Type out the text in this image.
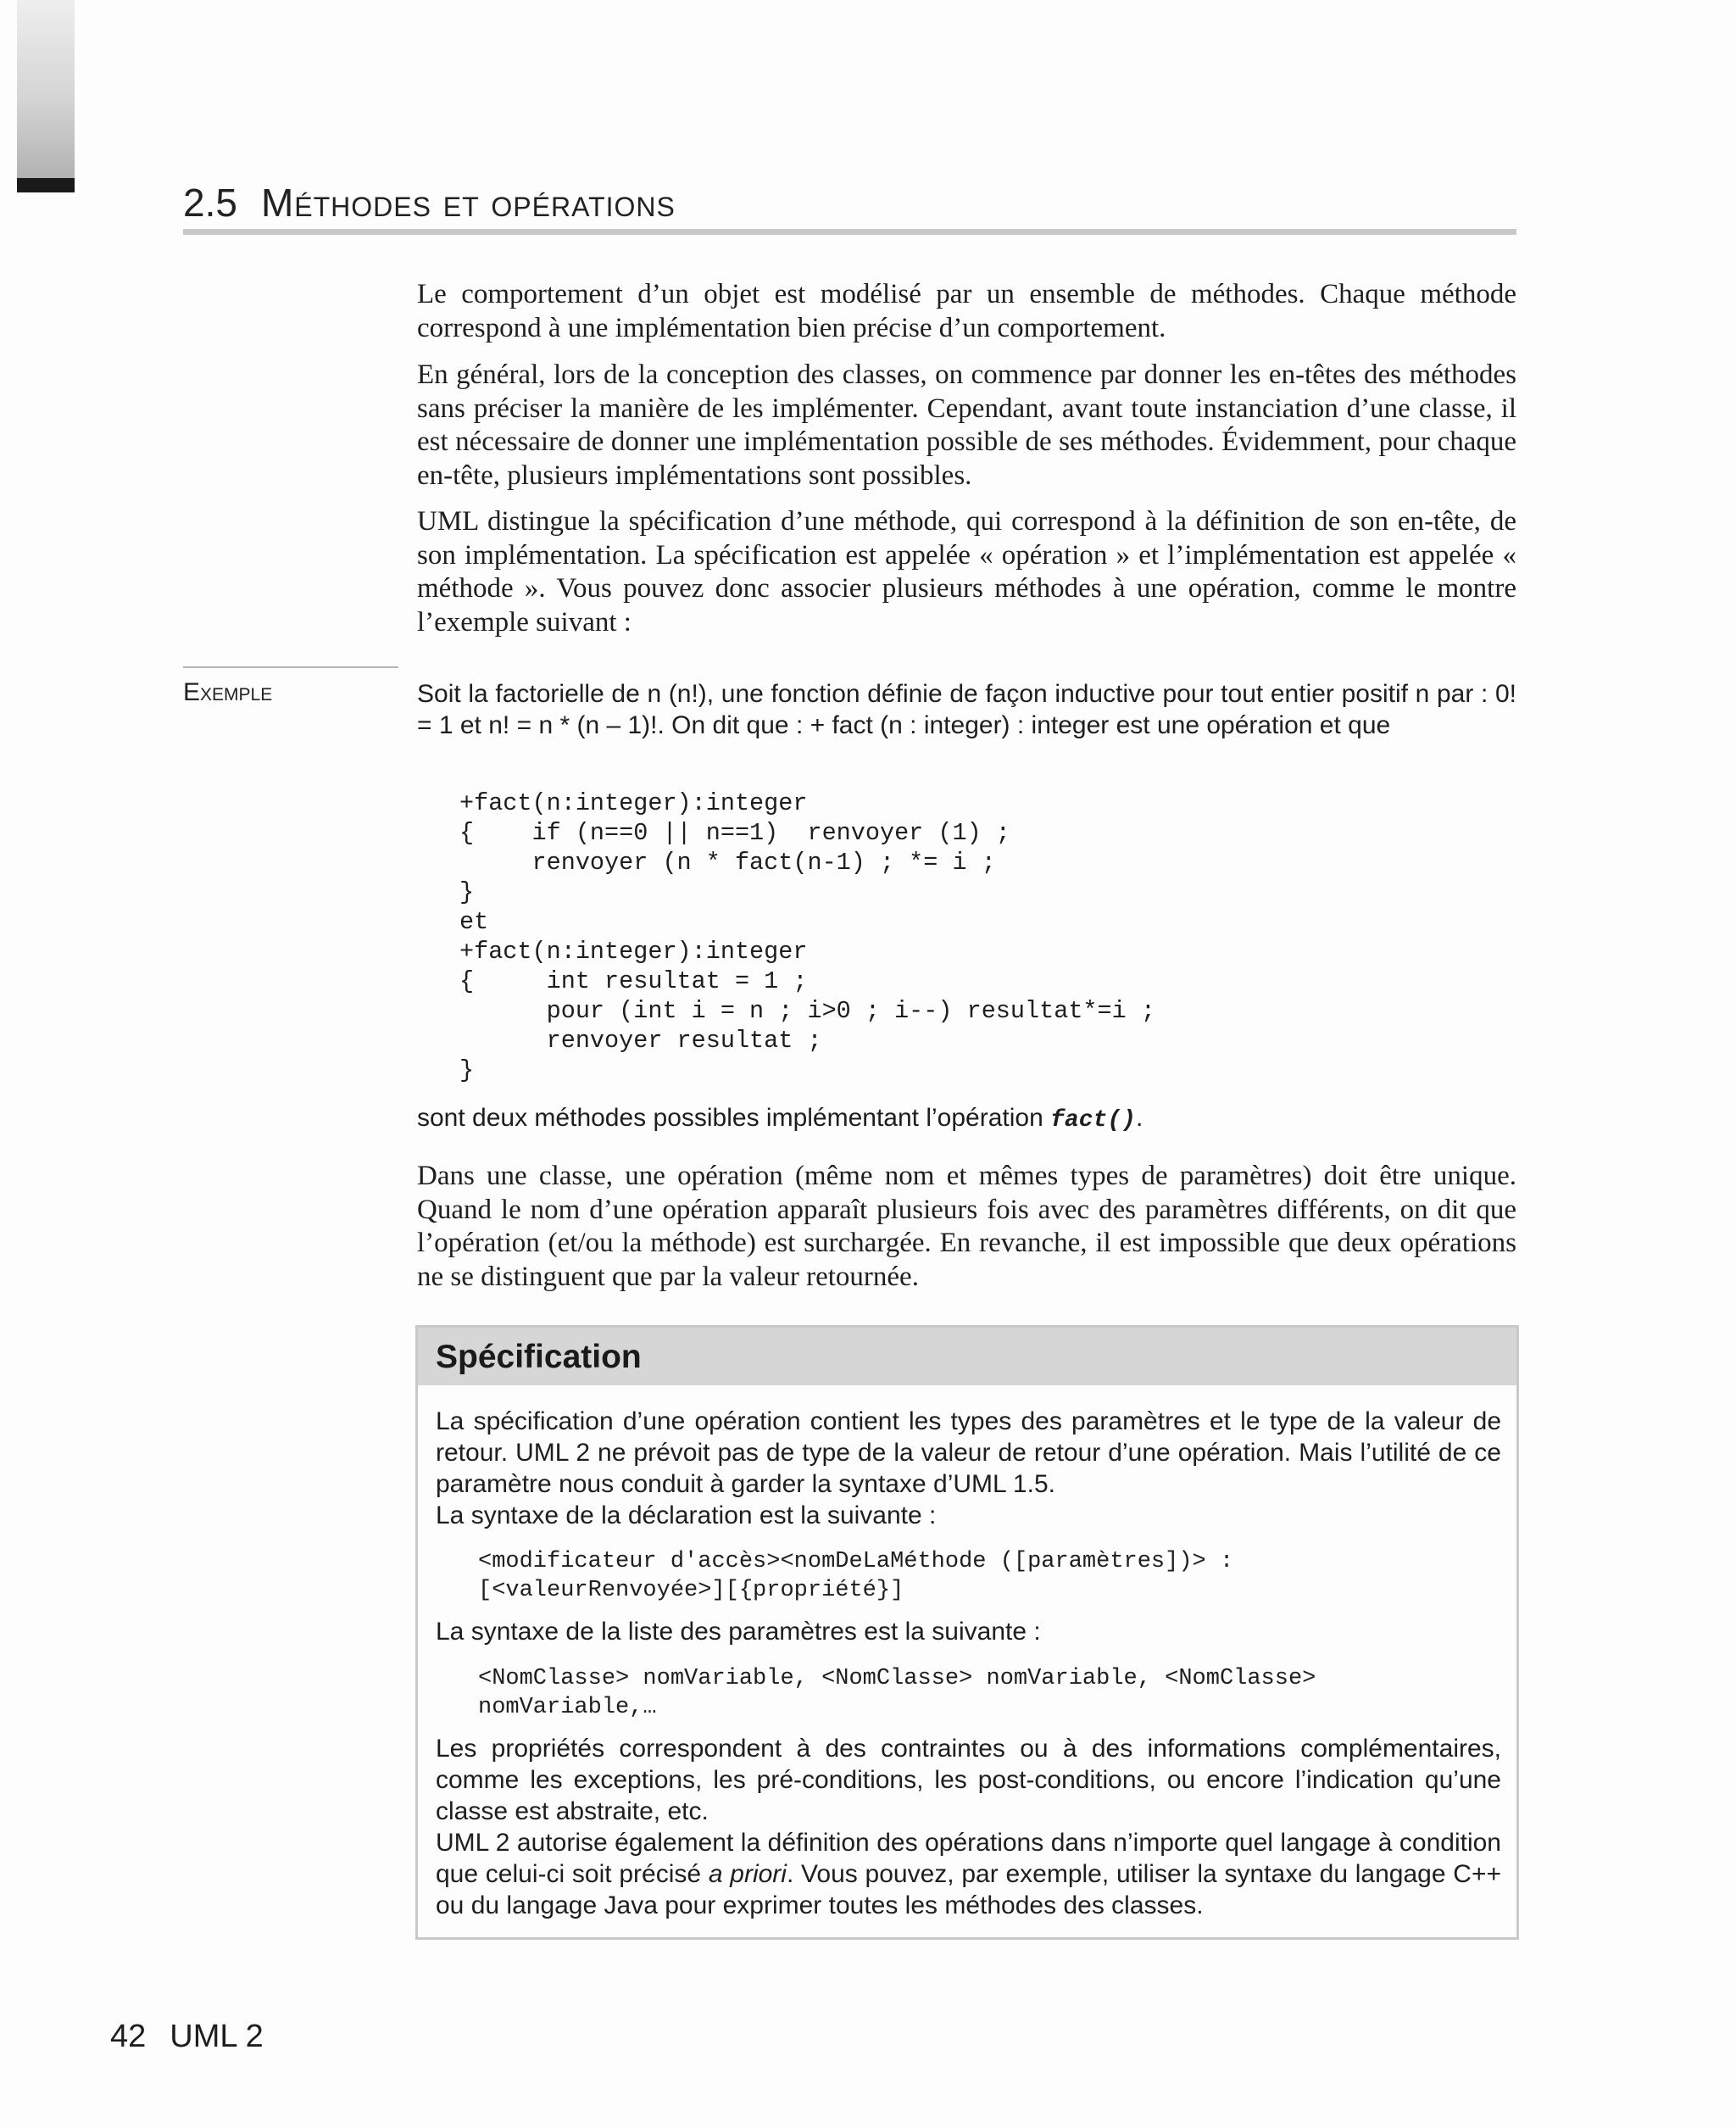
2.5 Méthodes et opérations

Le comportement d’un objet est modélisé par un ensemble de méthodes. Chaque méthode correspond à une implémentation bien précise d’un comportement.

En général, lors de la conception des classes, on commence par donner les en-têtes des méthodes sans préciser la manière de les implémenter. Cependant, avant toute instanciation d’une classe, il est nécessaire de donner une implémentation possible de ses méthodes. Évidemment, pour chaque en-tête, plusieurs implémentations sont possibles.

UML distingue la spécification d’une méthode, qui correspond à la définition de son en-tête, de son implémentation. La spécification est appelée « opération » et l’implémentation est appelée « méthode ». Vous pouvez donc associer plusieurs méthodes à une opération, comme le montre l’exemple suivant :

Exemple	Soit la factorielle de n (n!), une fonction définie de façon inductive pour tout entier positif n par : 0! = 1 et n! = n * (n – 1)!. On dit que : + fact (n : integer) : integer est une opération et que

+fact(n:integer):integer
{    if (n==0 || n==1)  renvoyer (1) ;
renvoyer (n * fact(n-1) ; *= i ;
}
et
+fact(n:integer):integer
{     int resultat = 1 ;
pour (int i = n ; i>0 ; i--) resultat*=i ;
renvoyer resultat ;
}

sont deux méthodes possibles implémentant l’opération fact().

Dans une classe, une opération (même nom et mêmes types de paramètres) doit être unique. Quand le nom d’une opération apparaît plusieurs fois avec des paramètres différents, on dit que l’opération (et/ou la méthode) est surchargée. En revanche, il est impossible que deux opérations ne se distinguent que par la valeur retournée.

Spécification

La spécification d’une opération contient les types des paramètres et le type de la valeur de retour. UML 2 ne prévoit pas de type de la valeur de retour d’une opération. Mais l’utilité de ce paramètre nous conduit à garder la syntaxe d’UML 1.5.

La syntaxe de la déclaration est la suivante :

<modificateur d'accès><nomDeLaMéthode ([paramètres])> :
[<valeurRenvoyée>][{propriété}]

La syntaxe de la liste des paramètres est la suivante :

<NomClasse> nomVariable, <NomClasse> nomVariable, <NomClasse>
nomVariable,…

Les propriétés correspondent à des contraintes ou à des informations complémentaires, comme les exceptions, les pré-conditions, les post-conditions, ou encore l’indication qu’une classe est abstraite, etc.

UML 2 autorise également la définition des opérations dans n’importe quel langage à condition que celui-ci soit précisé a priori. Vous pouvez, par exemple, utiliser la syntaxe du langage C++ ou du langage Java pour exprimer toutes les méthodes des classes.

42 UML 2
